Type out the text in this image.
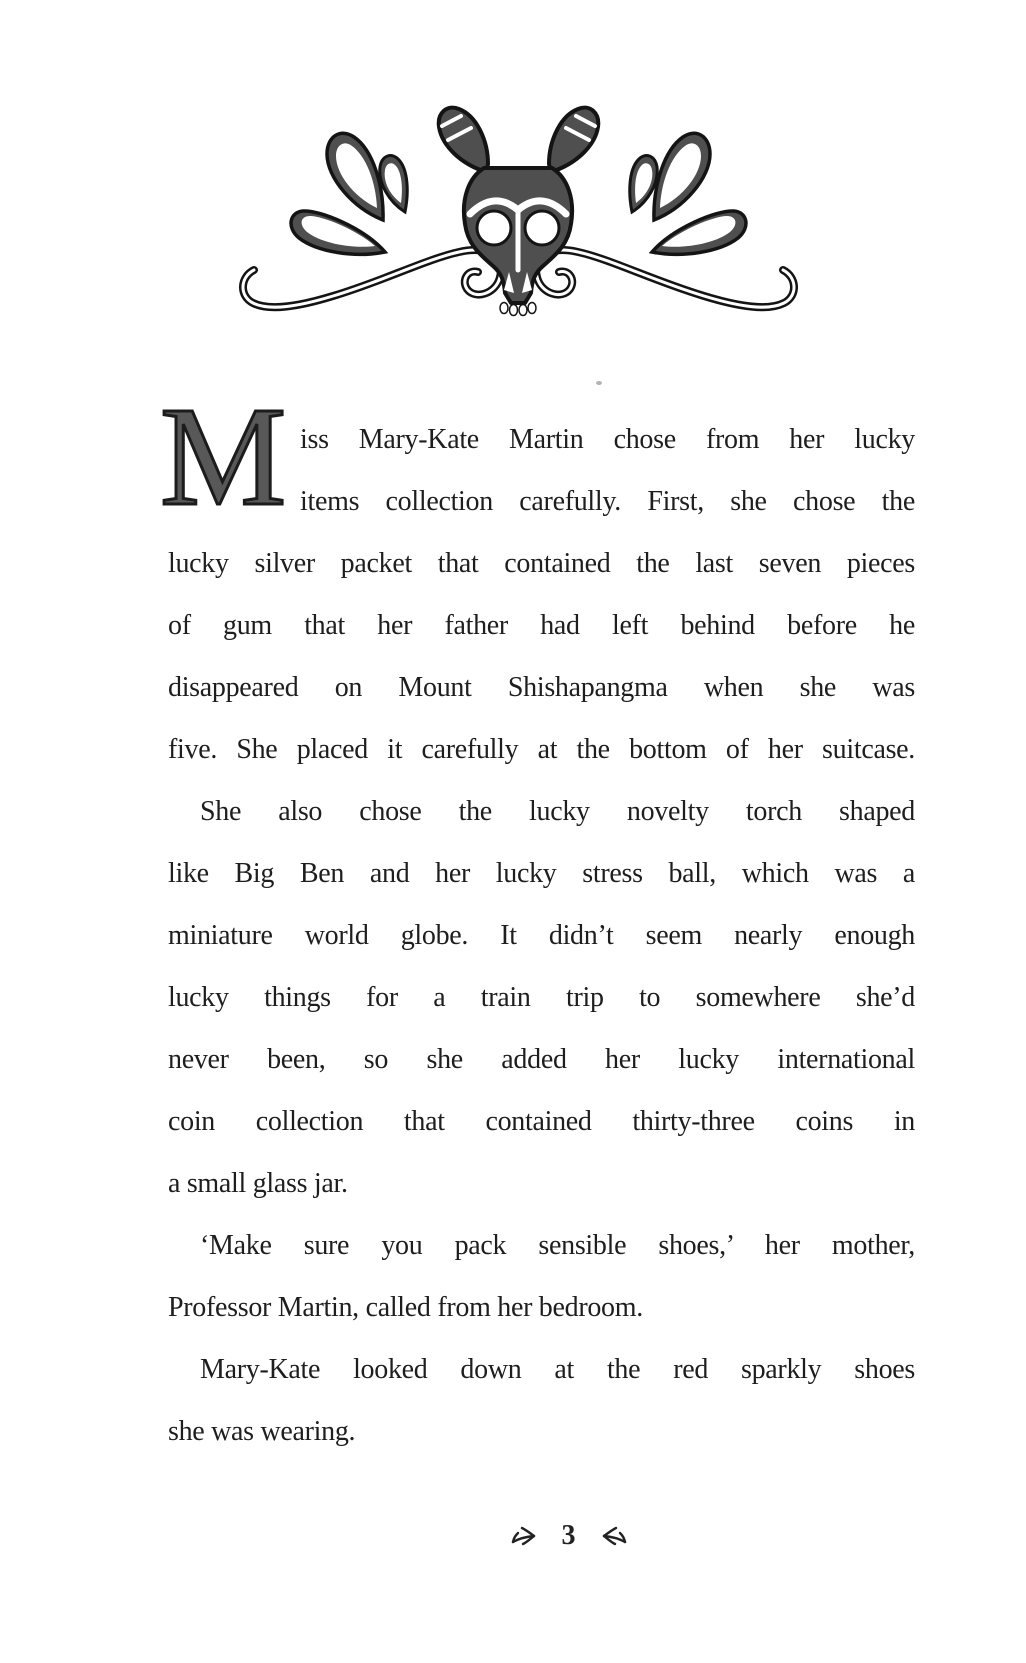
M iss Mary-Kate Martin chose from her lucky
items collection carefully. First, she chose the
lucky silver packet that contained the last seven pieces
of gum that her father had left behind before he
disappeared on Mount Shishapangma when she was
five. She placed it carefully at the bottom of her suitcase.
She also chose the lucky novelty torch shaped
like Big Ben and her lucky stress ball, which was a
miniature world globe. It didn’t seem nearly enough
lucky things for a train trip to somewhere she’d
never been, so she added her lucky international
coin collection that contained thirty-three coins in
a small glass jar.
‘Make sure you pack sensible shoes,’ her mother,
Professor Martin, called from her bedroom.
Mary-Kate looked down at the red sparkly shoes
she was wearing.
3
